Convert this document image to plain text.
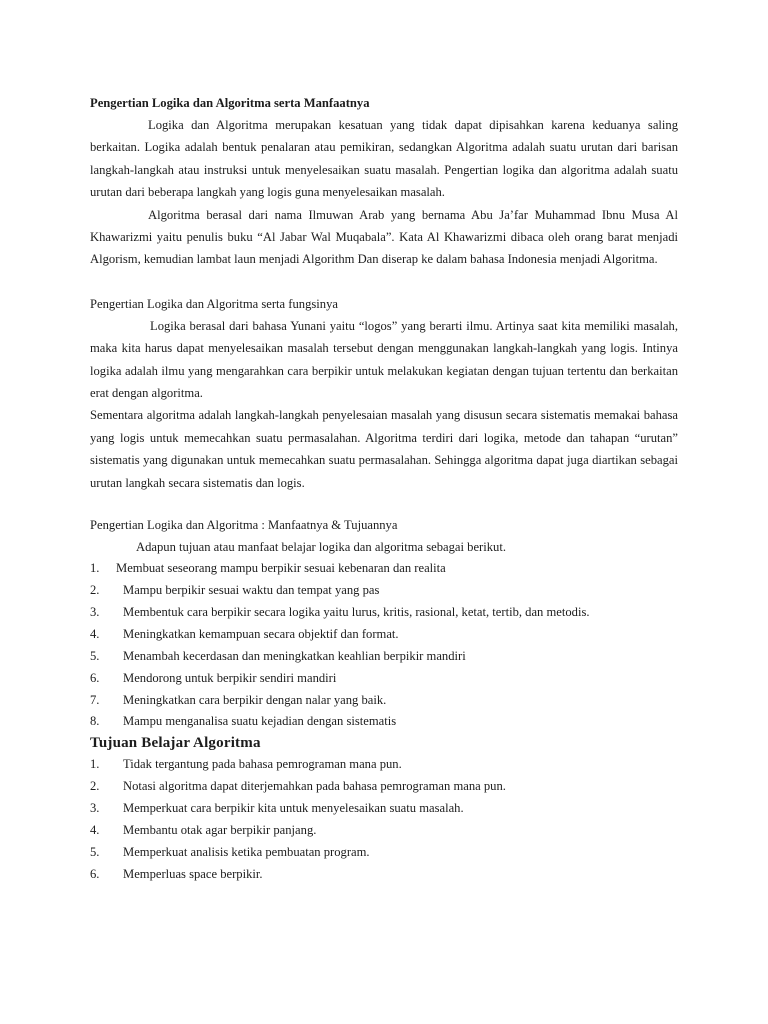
Pengertian Logika dan Algoritma serta Manfaatnya

Logika dan Algoritma merupakan kesatuan yang tidak dapat dipisahkan karena keduanya saling berkaitan. Logika adalah bentuk penalaran atau pemikiran, sedangkan Algoritma adalah suatu urutan dari barisan langkah-langkah atau instruksi untuk menyelesaikan suatu masalah. Pengertian logika dan algoritma adalah suatu urutan dari beberapa langkah yang logis guna menyelesaikan masalah.

Algoritma berasal dari nama Ilmuwan Arab yang bernama Abu Ja’far Muhammad Ibnu Musa Al Khawarizmi yaitu penulis buku “Al Jabar Wal Muqabala”. Kata Al Khawarizmi dibaca oleh orang barat menjadi Algorism, kemudian lambat laun menjadi Algorithm Dan diserap ke dalam bahasa Indonesia menjadi Algoritma.

Pengertian Logika dan Algoritma serta fungsinya

Logika berasal dari bahasa Yunani yaitu “logos” yang berarti ilmu. Artinya saat kita memiliki masalah, maka kita harus dapat menyelesaikan masalah tersebut dengan menggunakan langkah-langkah yang logis. Intinya logika adalah ilmu yang mengarahkan cara berpikir untuk melakukan kegiatan dengan tujuan tertentu dan berkaitan erat dengan algoritma.

Sementara algoritma adalah langkah-langkah penyelesaian masalah yang disusun secara sistematis memakai bahasa yang logis untuk memecahkan suatu permasalahan. Algoritma terdiri dari logika, metode dan tahapan “urutan” sistematis yang digunakan untuk memecahkan suatu permasalahan. Sehingga algoritma dapat juga diartikan sebagai urutan langkah secara sistematis dan logis.

Pengertian Logika dan Algoritma : Manfaatnya & Tujuannya

Adapun tujuan atau manfaat belajar logika dan algoritma sebagai berikut.

1. Membuat seseorang mampu berpikir sesuai kebenaran dan realita
2. Mampu berpikir sesuai waktu dan tempat yang pas
3. Membentuk cara berpikir secara logika yaitu lurus, kritis, rasional, ketat, tertib, dan metodis.
4. Meningkatkan kemampuan secara objektif dan format.
5. Menambah kecerdasan dan meningkatkan keahlian berpikir mandiri
6. Mendorong untuk berpikir sendiri mandiri
7. Meningkatkan cara berpikir dengan nalar yang baik.
8. Mampu menganalisa suatu kejadian dengan sistematis

Tujuan Belajar Algoritma

1. Tidak tergantung pada bahasa pemrograman mana pun.
2. Notasi algoritma dapat diterjemahkan pada bahasa pemrograman mana pun.
3. Memperkuat cara berpikir kita untuk menyelesaikan suatu masalah.
4. Membantu otak agar berpikir panjang.
5. Memperkuat analisis ketika pembuatan program.
6. Memperluas space berpikir.
